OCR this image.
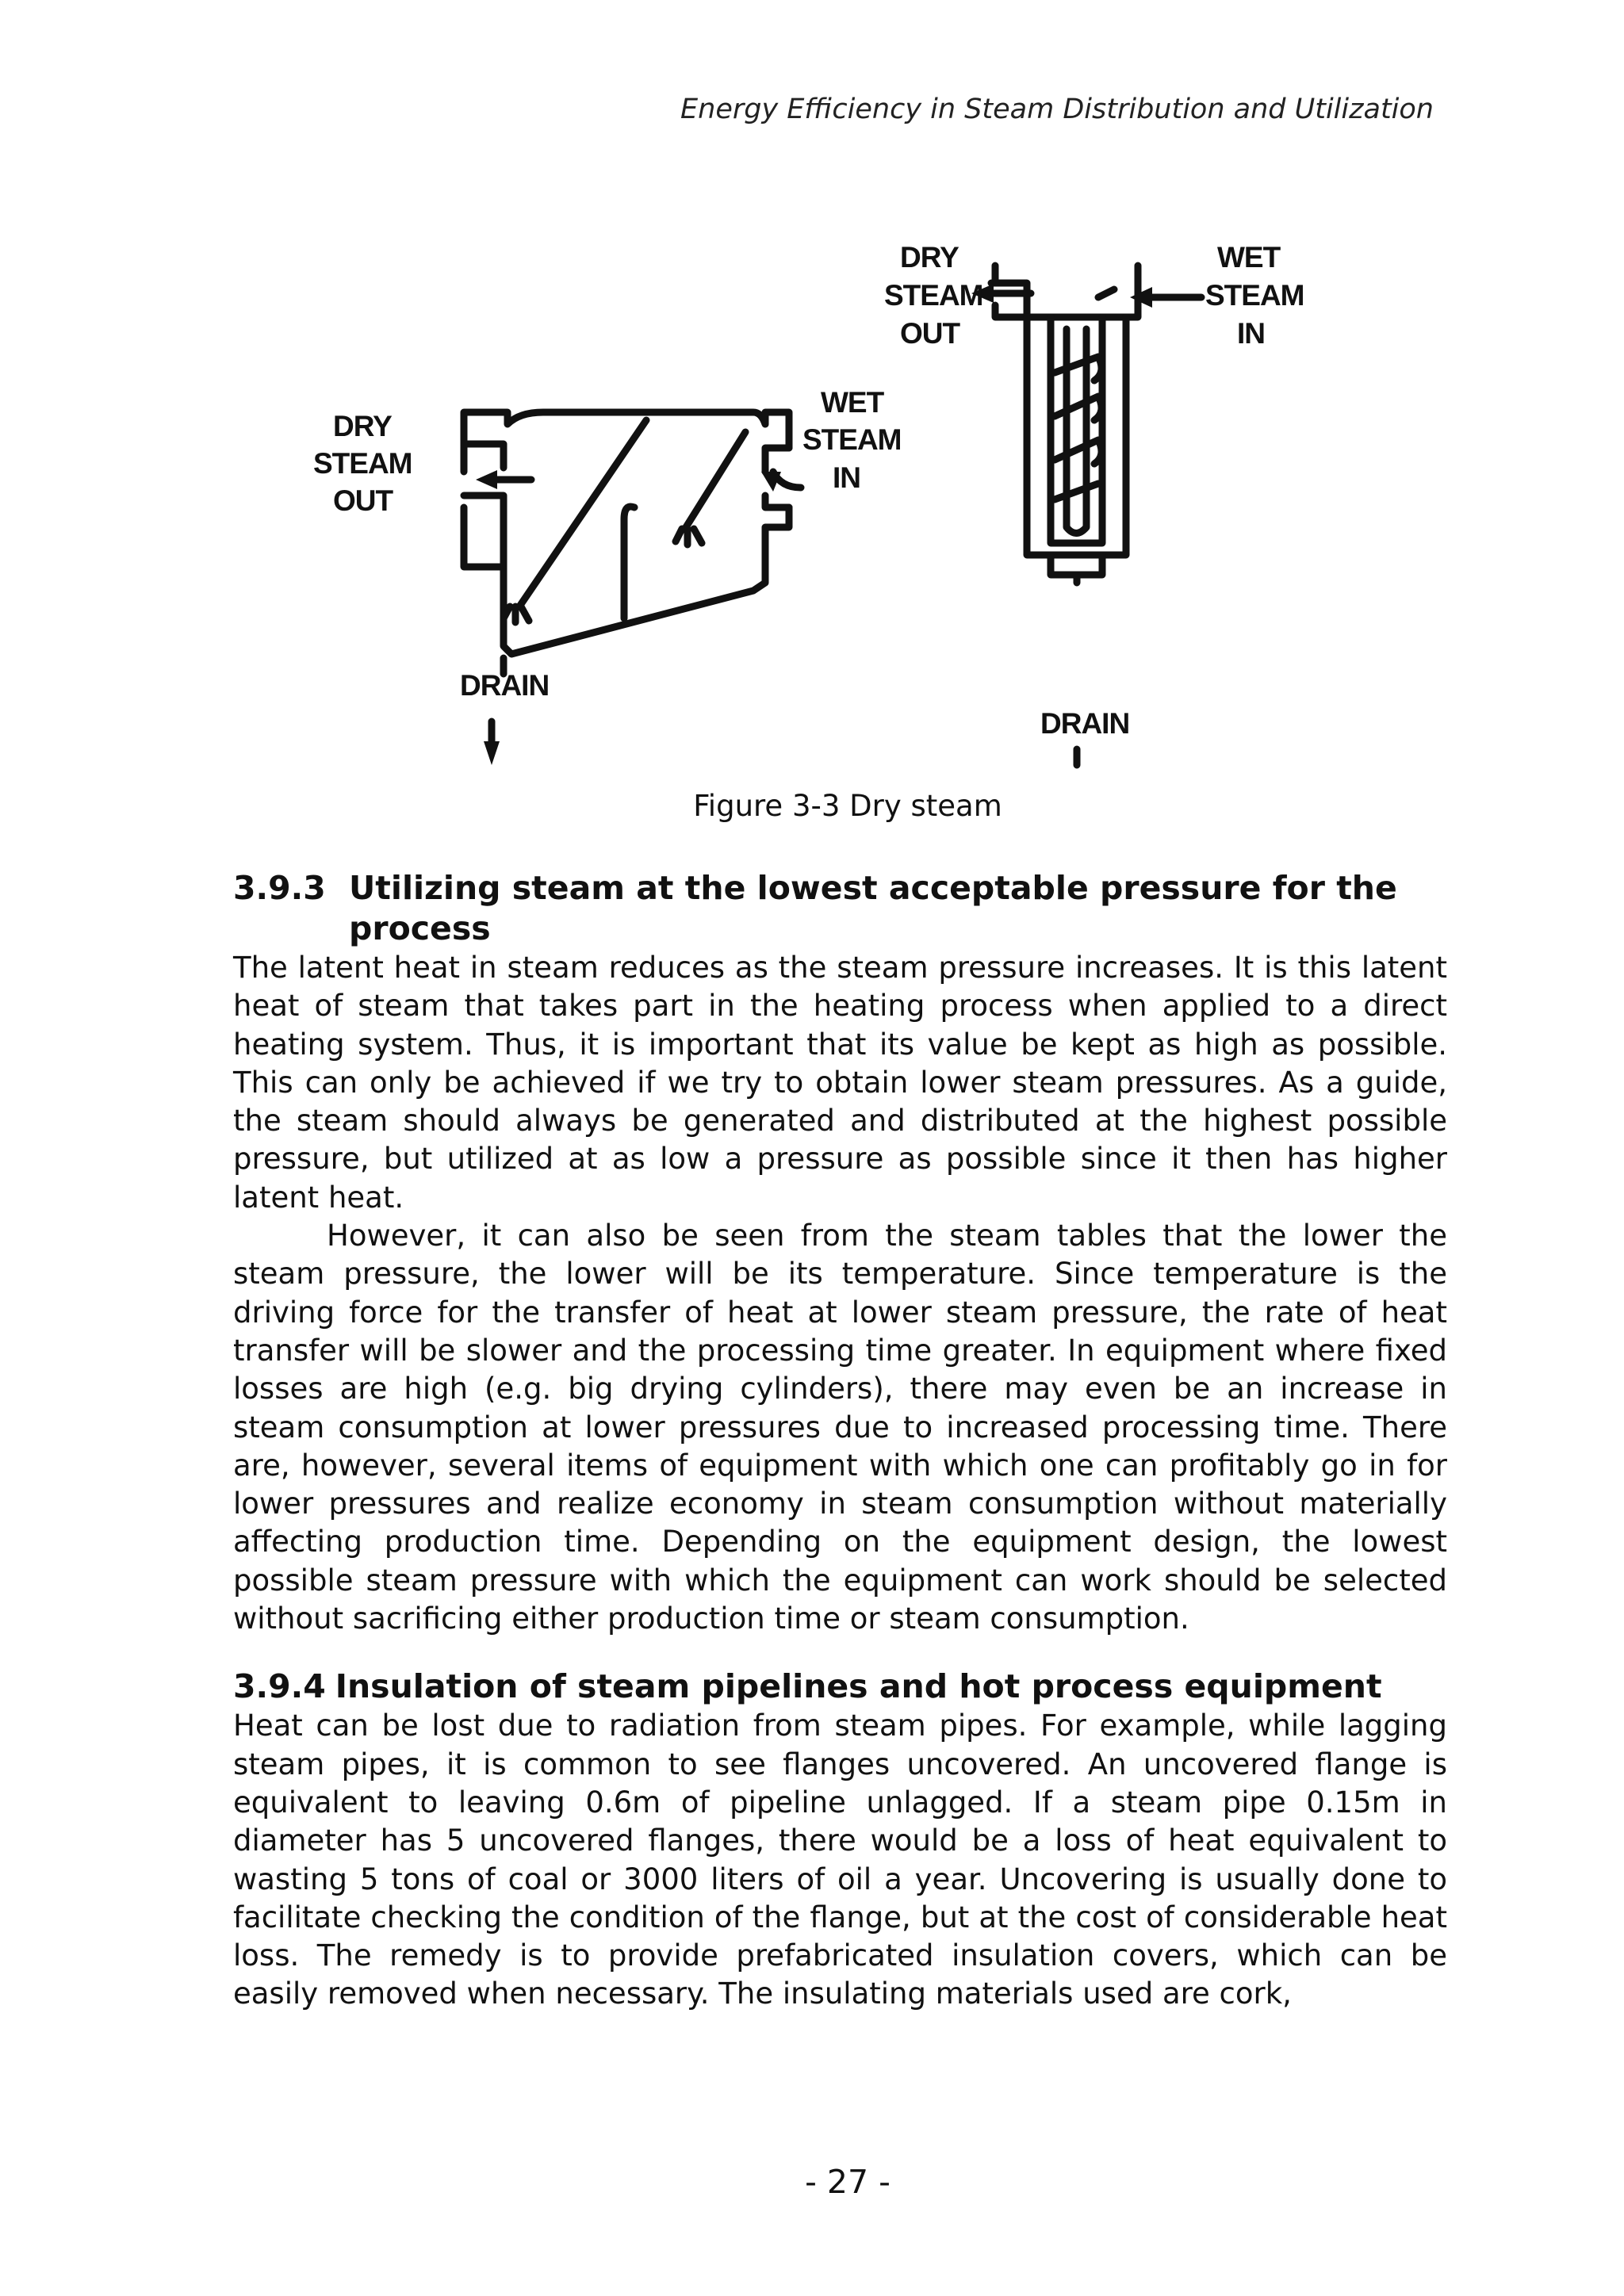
Energy Efficiency in Steam Distribution and Utilization
DRY
STEAM
OUT
WET
STEAM
IN
DRAIN
DRY
STEAM
OUT
WET
STEAM
IN
DRAIN
Figure 3-3 Dry steam
3.9.3 Utilizing steam at the lowest acceptable pressure for the process

The latent heat in steam reduces as the steam pressure increases. It is this latent heat of steam that takes part in the heating process when applied to a direct heating system. Thus, it is important that its value be kept as high as possible. This can only be achieved if we try to obtain lower steam pressures. As a guide, the steam should always be generated and distributed at the highest possible pressure, but utilized at as low a pressure as possible since it then has higher latent heat.

However, it can also be seen from the steam tables that the lower the steam pressure, the lower will be its temperature. Since temperature is the driving force for the transfer of heat at lower steam pressure, the rate of heat transfer will be slower and the processing time greater. In equipment where fixed losses are high (e.g. big drying cylinders), there may even be an increase in steam consumption at lower pressures due to increased processing time. There are, however, several items of equipment with which one can profitably go in for lower pressures and realize economy in steam consumption without materially affecting production time. Depending on the equipment design, the lowest possible steam pressure with which the equipment can work should be selected without sacrificing either production time or steam consumption.

3.9.4 Insulation of steam pipelines and hot process equipment

Heat can be lost due to radiation from steam pipes. For example, while lagging steam pipes, it is common to see flanges uncovered. An uncovered flange is equivalent to leaving 0.6m of pipeline unlagged. If a steam pipe 0.15m in diameter has 5 uncovered flanges, there would be a loss of heat equivalent to wasting 5 tons of coal or 3000 liters of oil a year. Uncovering is usually done to facilitate checking the condition of the flange, but at the cost of considerable heat loss. The remedy is to provide prefabricated insulation covers, which can be easily removed when necessary. The insulating materials used are cork,

- 27 -
